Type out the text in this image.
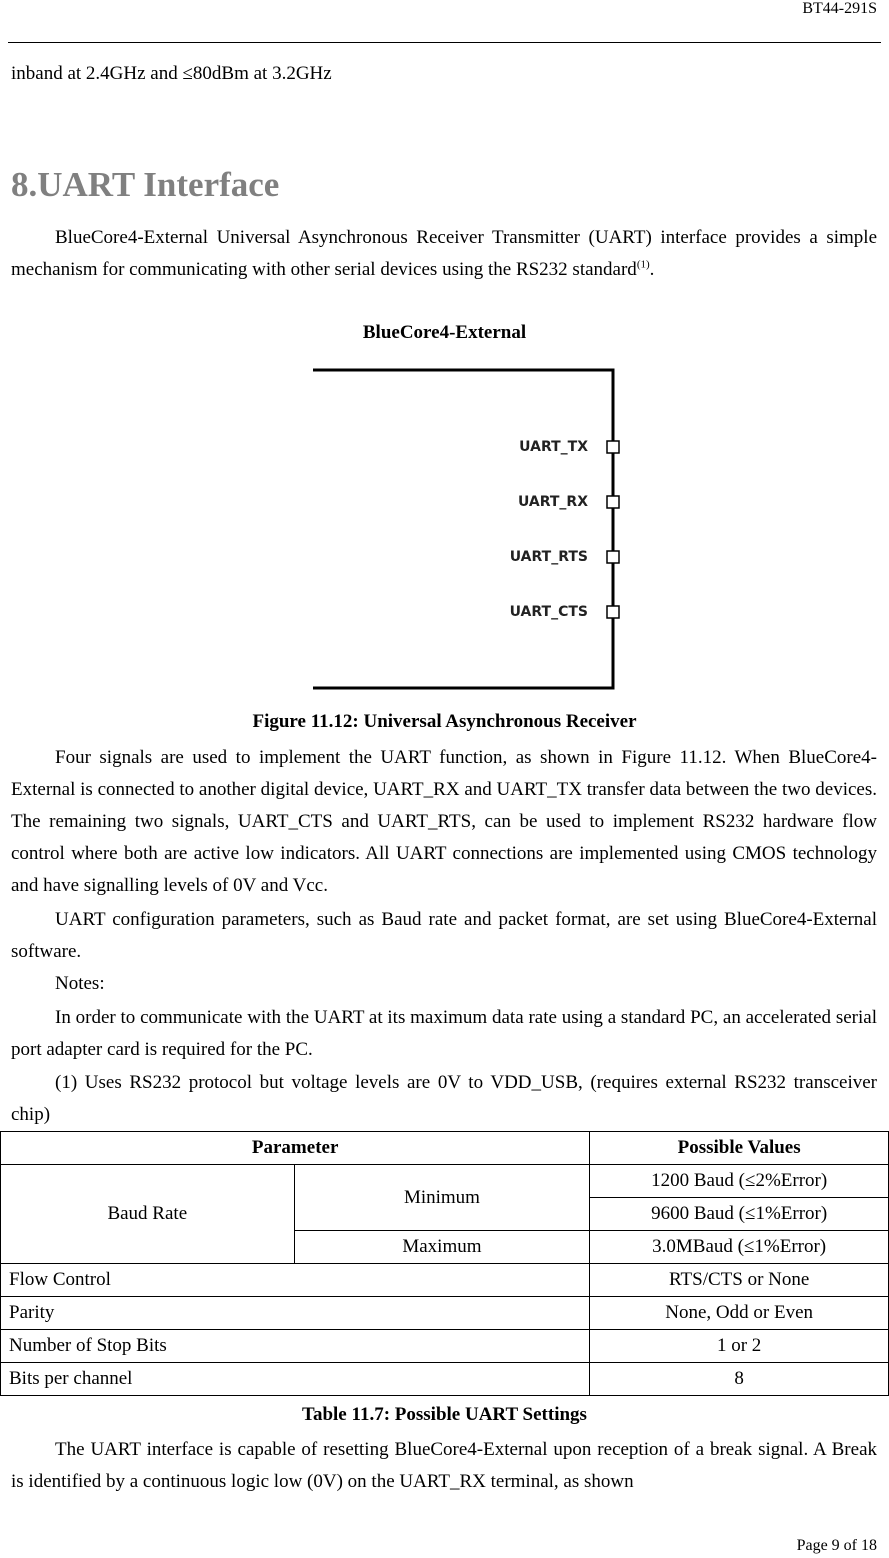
BT44-291S

inband at 2.4GHz and ≤80dBm at 3.2GHz

8.UART Interface

BlueCore4-External Universal Asynchronous Receiver Transmitter (UART) interface provides a simple mechanism for communicating with other serial devices using the RS232 standard$^{(1)}$.

BlueCore4-External
UART_TX
UART_RX
UART_RTS
UART_CTS
Figure 11.12: Universal Asynchronous Receiver

Four signals are used to implement the UART function, as shown in Figure 11.12. When BlueCore4-External is connected to another digital device, UART_RX and UART_TX transfer data between the two devices. The remaining two signals, UART_CTS and UART_RTS, can be used to implement RS232 hardware flow control where both are active low indicators. All UART connections are implemented using CMOS technology and have signalling levels of 0V and Vcc.

UART configuration parameters, such as Baud rate and packet format, are set using BlueCore4-External software.

Notes:

In order to communicate with the UART at its maximum data rate using a standard PC, an accelerated serial port adapter card is required for the PC.

(1) Uses RS232 protocol but voltage levels are 0V to VDD_USB, (requires external RS232 transceiver chip)

Parameter		Possible Values
Baud Rate	Minimum	1200 Baud (≤2%Error)
		9600 Baud (≤1%Error)
	Maximum	3.0MBaud (≤1%Error)
Flow Control		RTS/CTS or None
Parity		None, Odd or Even
Number of Stop Bits		1 or 2
Bits per channel		8
Table 11.7: Possible UART Settings

The UART interface is capable of resetting BlueCore4-External upon reception of a break signal. A Break is identified by a continuous logic low (0V) on the UART_RX terminal, as shown

Page 9 of 18
